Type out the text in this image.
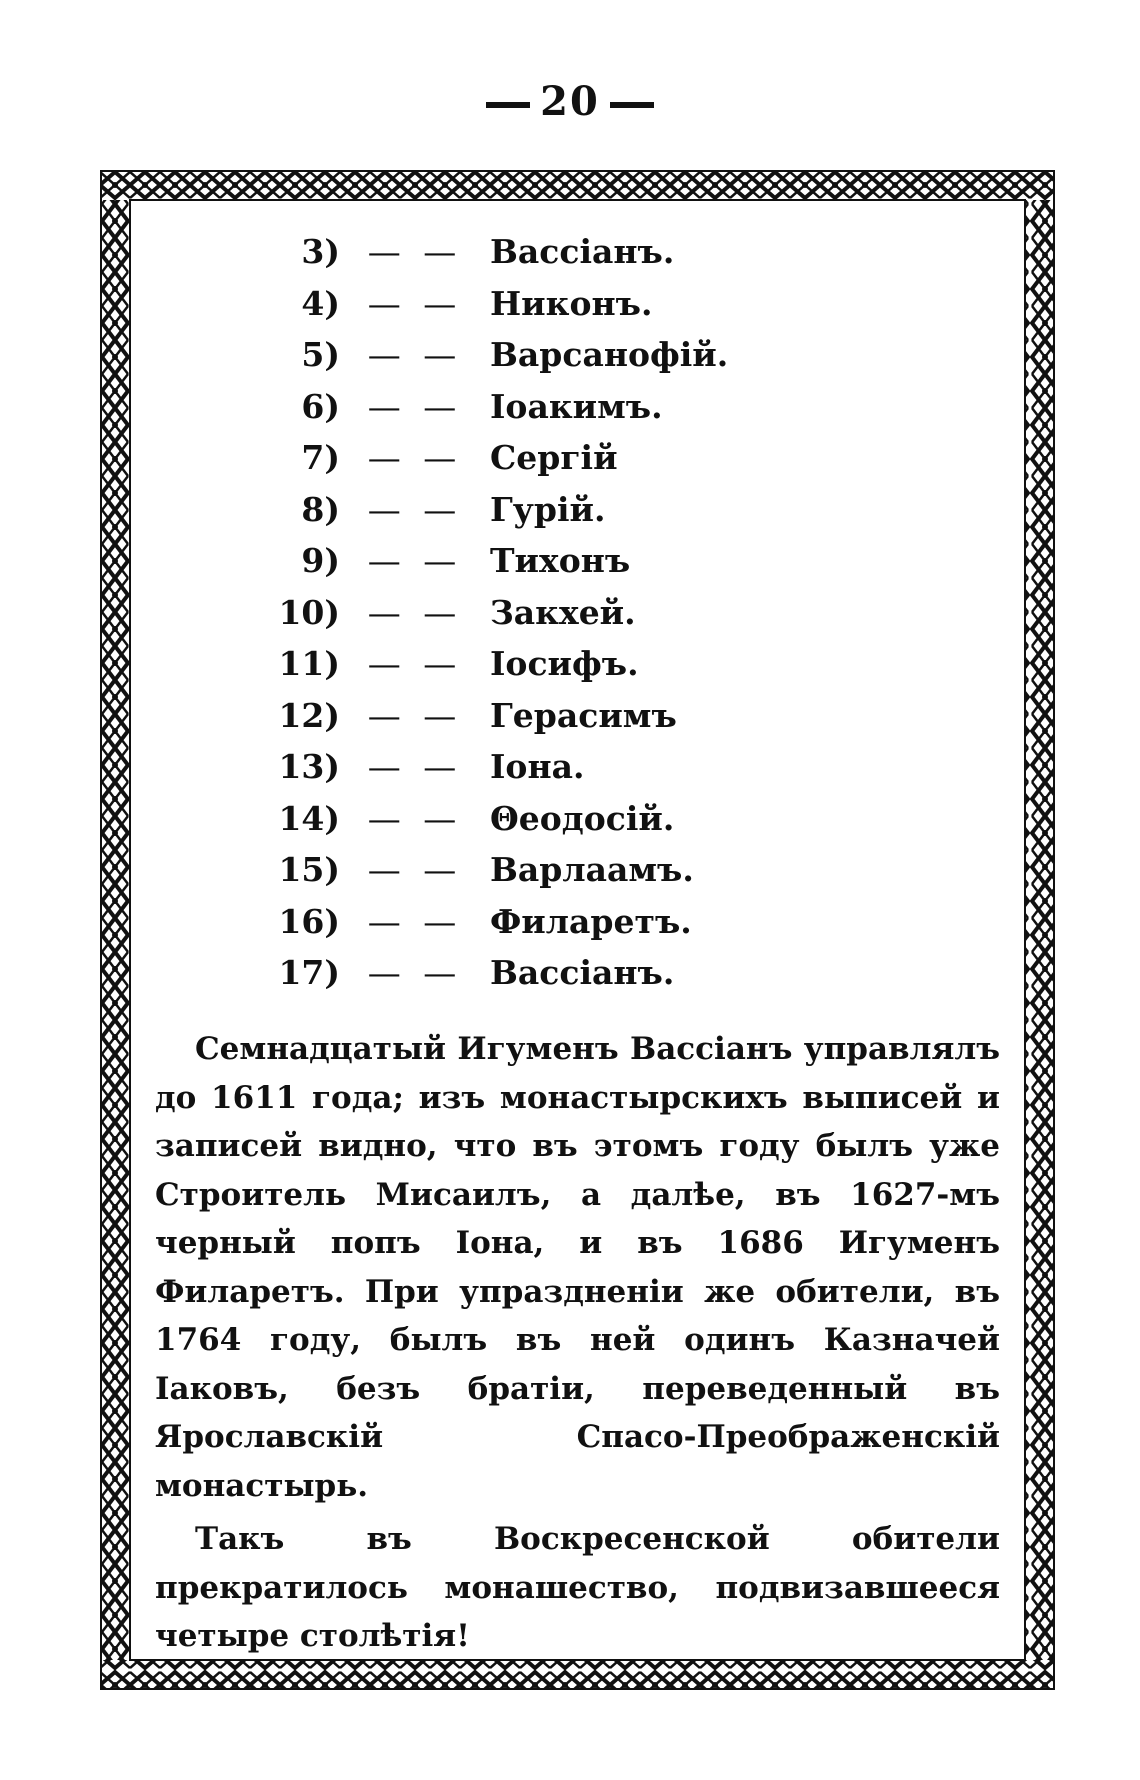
20
3) — — Вассіанъ.
4) — — Никонъ.
5) — — Варсанофій.
6) — — Іоакимъ.
7) — — Сергій
8) — — Гурій.
9) — — Тихонъ
10) — — Закхей.
11) — — Іосифъ.
12) — — Герасимъ
13) — — Іона.
14) — — Θеодосій.
15) — — Варлаамъ.
16) — — Филаретъ.
17) — — Вассіанъ.
Семнадцатый Игуменъ Вассіанъ управлялъ до 1611 года; изъ монастырскихъ выписей и записей видно, что въ этомъ году былъ уже Строитель Мисаилъ, а далѣе, въ 1627-мъ черный попъ Іона, и въ 1686 Игуменъ Филаретъ. При упраздненіи же обители, въ 1764 году, былъ въ ней одинъ Казначей Іаковъ, безъ братіи, переведенный въ Ярославскій Спасо-Преображенскій монастырь.
Такъ въ Воскресенской обители прекратилось монашество, подвизавшееся четыре столѣтія!
